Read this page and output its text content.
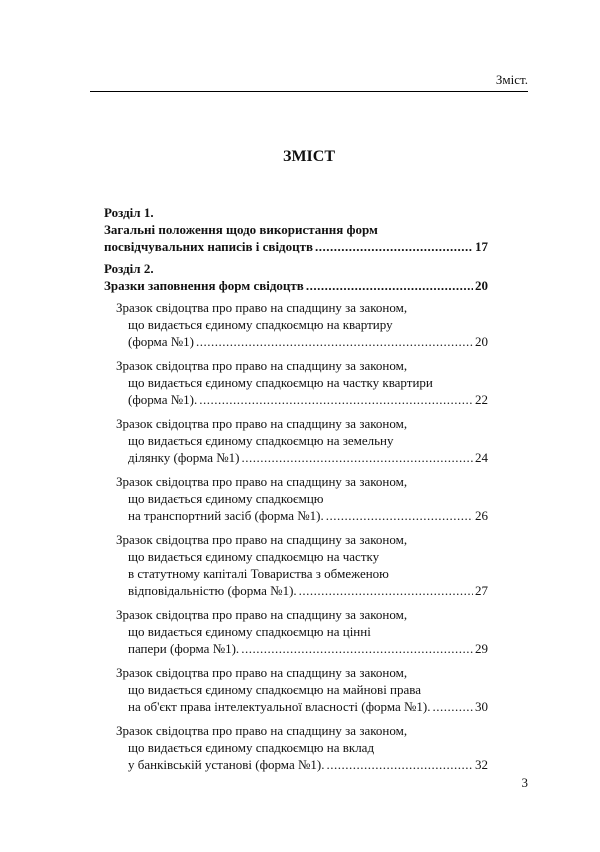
Зміст.
ЗМІСТ
Розділ 1.
Загальні положення щодо використання форм
посвідчувальних написів і свідоцтв .....	17
Розділ 2.
Зразки заповнення форм свідоцтв .....	20
Зразок свідоцтва про право на спадщину за законом,
що видається єдиному спадкоємцю на квартиру
(форма №1) .....	20
Зразок свідоцтва про право на спадщину за законом,
що видається єдиному спадкоємцю на частку квартири
(форма №1). .....	22
Зразок свідоцтва про право на спадщину за законом,
що видається єдиному спадкоємцю на земельну
ділянку (форма №1) .....	24
Зразок свідоцтва про право на спадщину за законом,
що видається єдиному спадкоємцю
на транспортний засіб (форма №1). .....	26
Зразок свідоцтва про право на спадщину за законом,
що видається єдиному спадкоємцю на частку
в статутному капіталі Товариства з обмеженою
відповідальністю (форма №1). .....	27
Зразок свідоцтва про право на спадщину за законом,
що видається єдиному спадкоємцю на цінні
папери (форма №1). .....	29
Зразок свідоцтва про право на спадщину за законом,
що видається єдиному спадкоємцю на майнові права
на об'єкт права інтелектуальної власності (форма №1). .....	30
Зразок свідоцтва про право на спадщину за законом,
що видається єдиному спадкоємцю на вклад
у банківській установі (форма №1). .....	32
3
